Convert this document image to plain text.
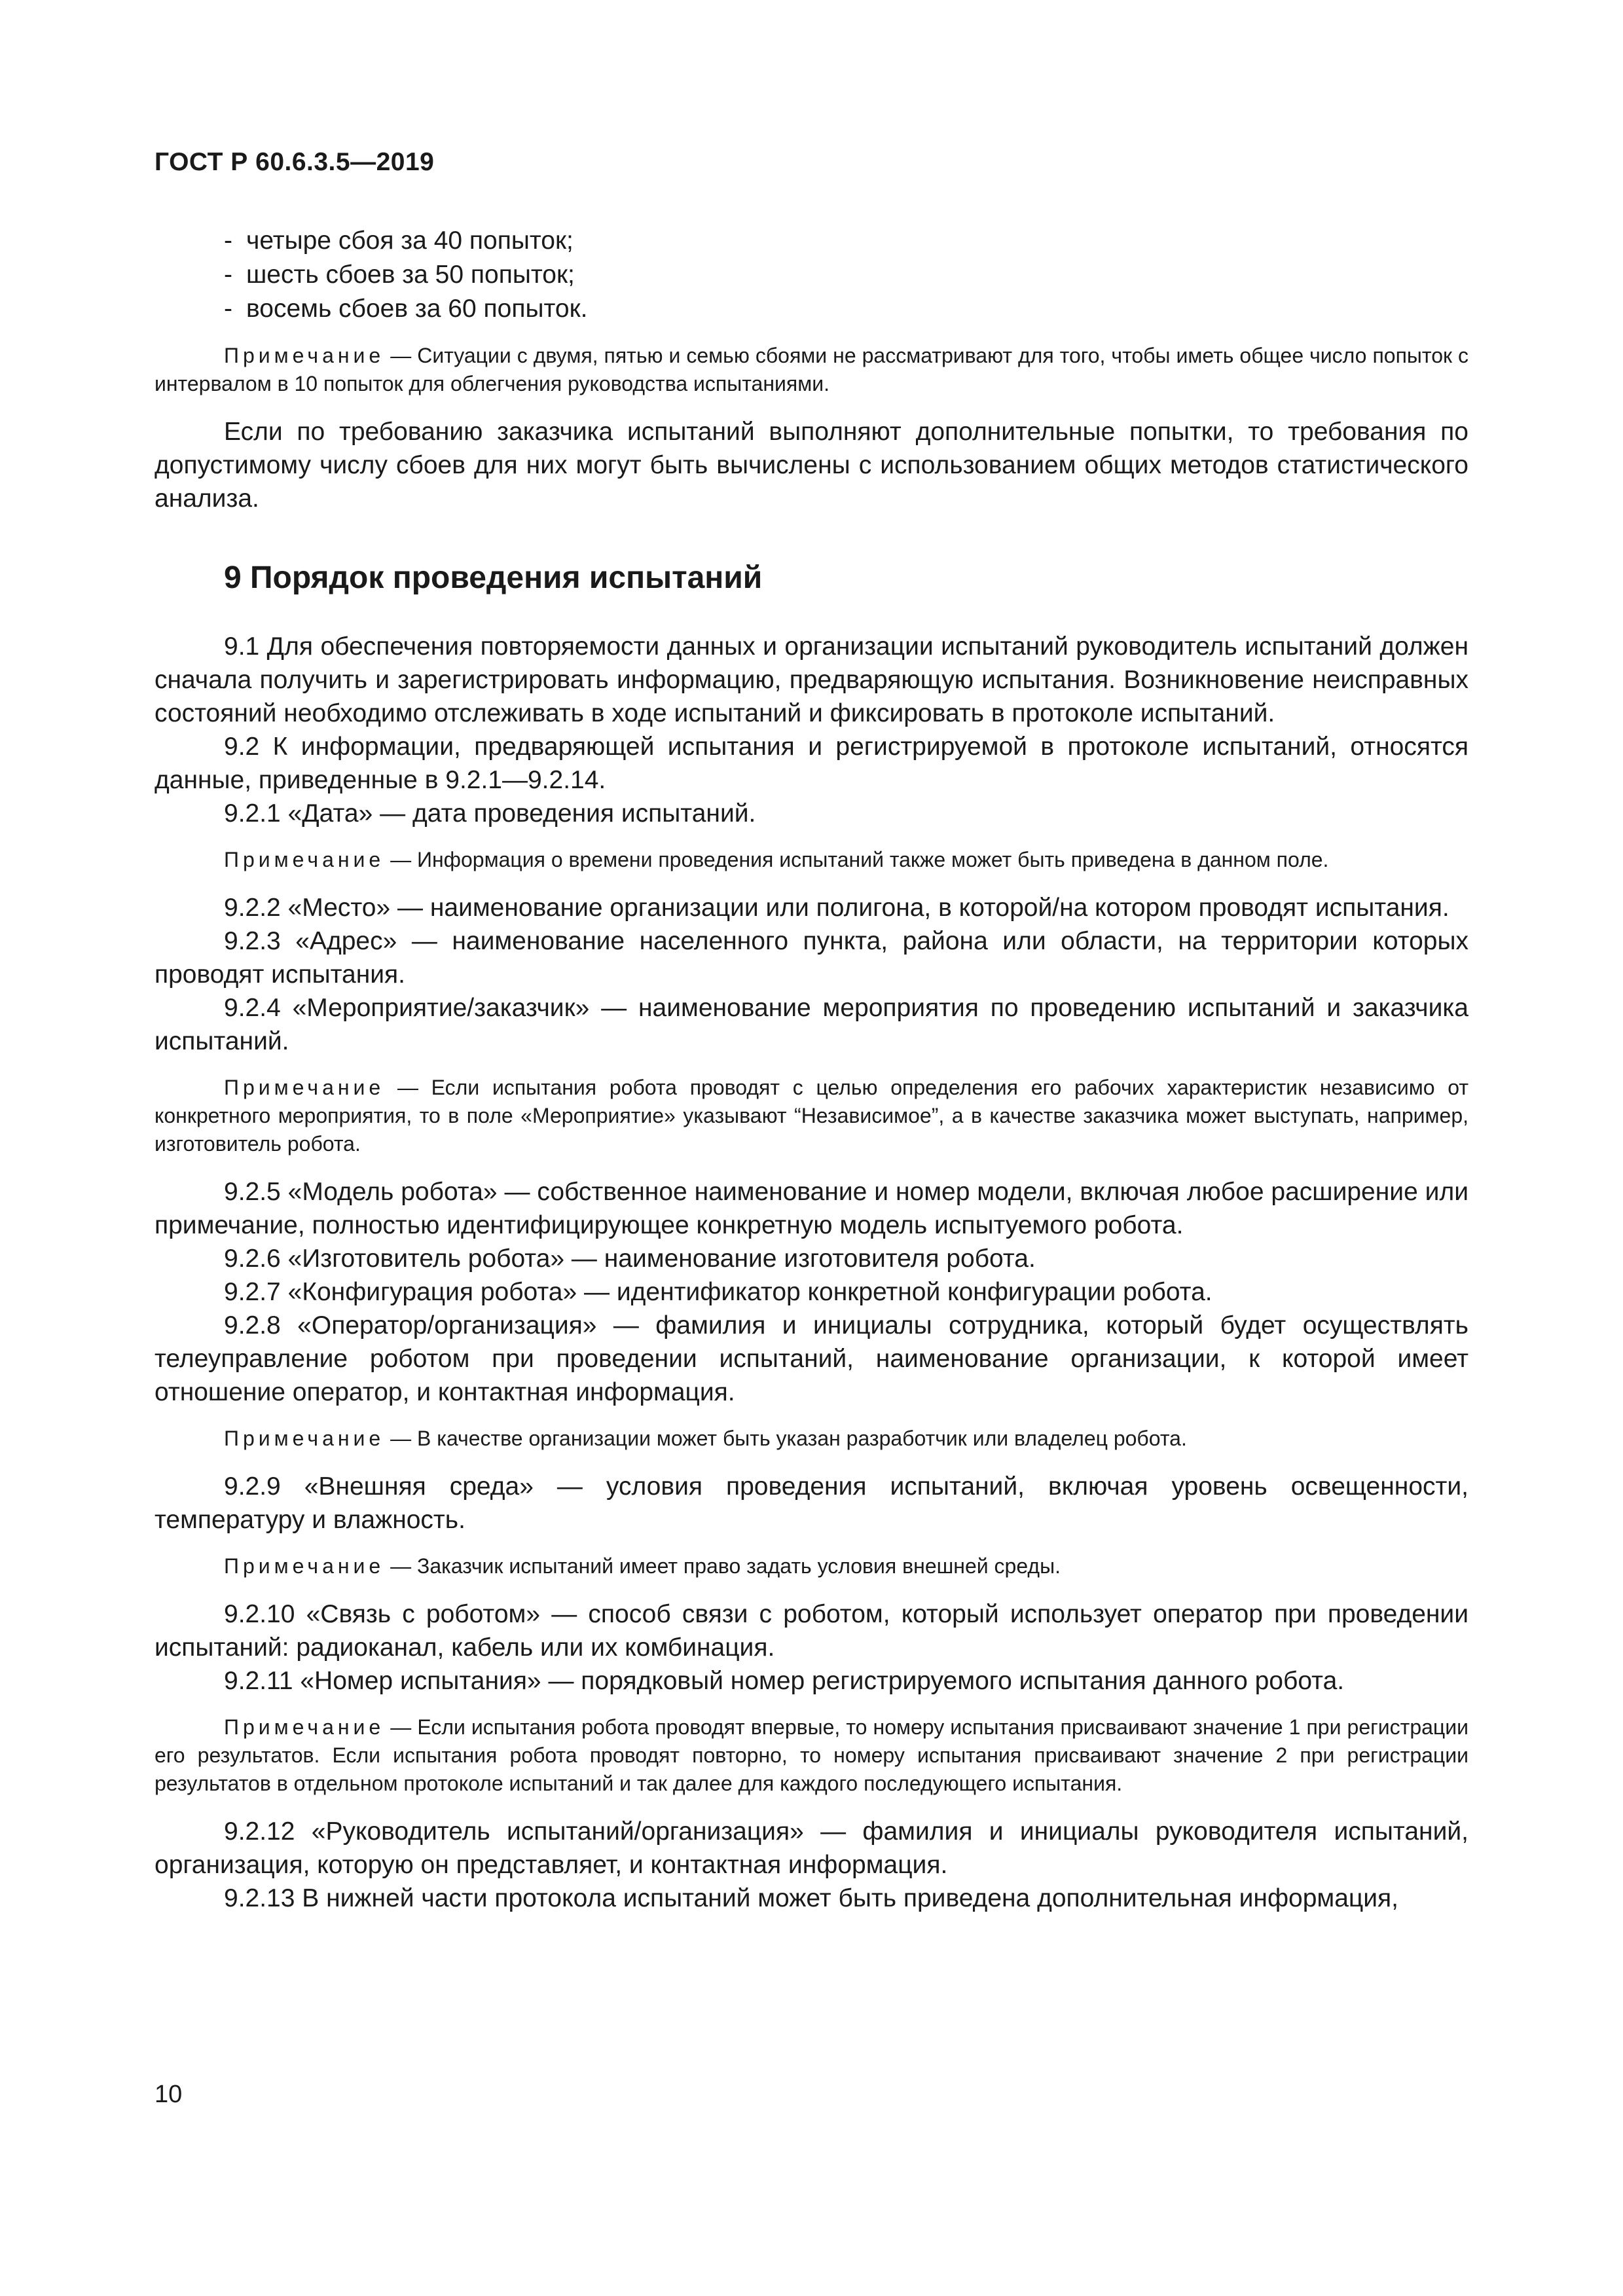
ГОСТ Р 60.6.3.5—2019
- четыре сбоя за 40 попыток;
- шесть сбоев за 50 попыток;
- восемь сбоев за 60 попыток.

Примечание — Ситуации с двумя, пятью и семью сбоями не рассматривают для того, чтобы иметь общее число попыток с интервалом в 10 попыток для облегчения руководства испытаниями.

Если по требованию заказчика испытаний выполняют дополнительные попытки, то требования по допустимому числу сбоев для них могут быть вычислены с использованием общих методов статистического анализа.

9 Порядок проведения испытаний

9.1 Для обеспечения повторяемости данных и организации испытаний руководитель испытаний должен сначала получить и зарегистрировать информацию, предваряющую испытания. Возникновение неисправных состояний необходимо отслеживать в ходе испытаний и фиксировать в протоколе испытаний.

9.2 К информации, предваряющей испытания и регистрируемой в протоколе испытаний, относятся данные, приведенные в 9.2.1—9.2.14.

9.2.1 «Дата» — дата проведения испытаний.

Примечание — Информация о времени проведения испытаний также может быть приведена в данном поле.

9.2.2 «Место» — наименование организации или полигона, в которой/на котором проводят испытания.

9.2.3 «Адрес» — наименование населенного пункта, района или области, на территории которых проводят испытания.

9.2.4 «Мероприятие/заказчик» — наименование мероприятия по проведению испытаний и заказчика испытаний.

Примечание — Если испытания робота проводят с целью определения его рабочих характеристик независимо от конкретного мероприятия, то в поле «Мероприятие» указывают “Независимое”, а в качестве заказчика может выступать, например, изготовитель робота.

9.2.5 «Модель робота» — собственное наименование и номер модели, включая любое расширение или примечание, полностью идентифицирующее конкретную модель испытуемого робота.

9.2.6 «Изготовитель робота» — наименование изготовителя робота.

9.2.7 «Конфигурация робота» — идентификатор конкретной конфигурации робота.

9.2.8 «Оператор/организация» — фамилия и инициалы сотрудника, который будет осуществлять телеуправление роботом при проведении испытаний, наименование организации, к которой имеет отношение оператор, и контактная информация.

Примечание — В качестве организации может быть указан разработчик или владелец робота.

9.2.9 «Внешняя среда» — условия проведения испытаний, включая уровень освещенности, температуру и влажность.

Примечание — Заказчик испытаний имеет право задать условия внешней среды.

9.2.10 «Связь с роботом» — способ связи с роботом, который использует оператор при проведении испытаний: радиоканал, кабель или их комбинация.

9.2.11 «Номер испытания» — порядковый номер регистрируемого испытания данного робота.

Примечание — Если испытания робота проводят впервые, то номеру испытания присваивают значение 1 при регистрации его результатов. Если испытания робота проводят повторно, то номеру испытания присваивают значение 2 при регистрации результатов в отдельном протоколе испытаний и так далее для каждого последующего испытания.

9.2.12 «Руководитель испытаний/организация» — фамилия и инициалы руководителя испытаний, организация, которую он представляет, и контактная информация.

9.2.13 В нижней части протокола испытаний может быть приведена дополнительная информация,

10
